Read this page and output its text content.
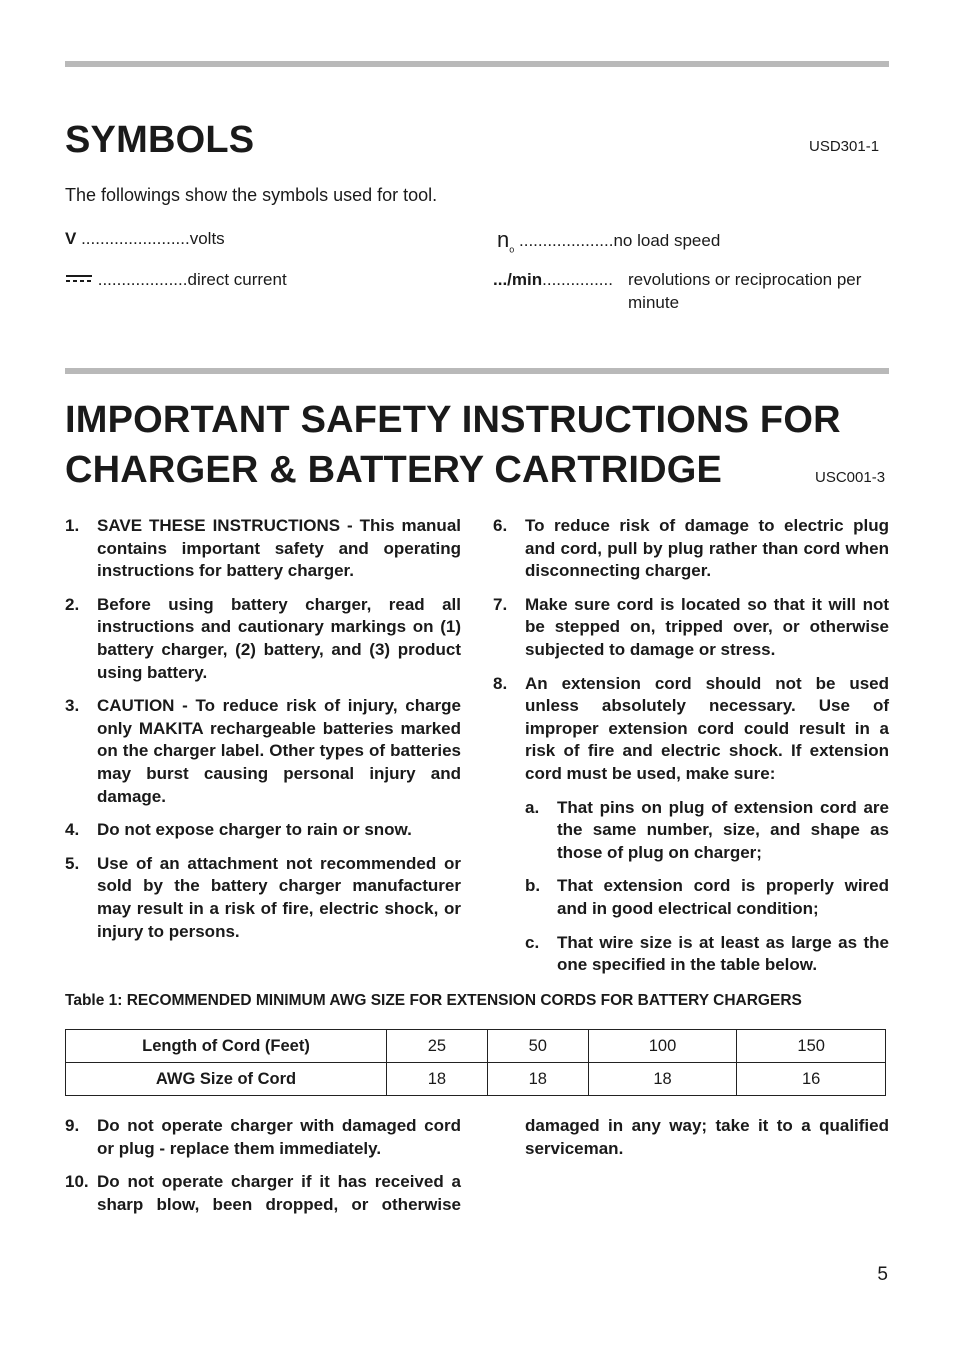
SYMBOLS	USD301-1
The followings show the symbols used for tool.
V .......................volts	$n_o$ ....................no load speed
...................direct current	.../min............... revolutions or reciprocation per minute
IMPORTANT SAFETY INSTRUCTIONS FOR
CHARGER & BATTERY CARTRIDGE	USC001-3
1. SAVE THESE INSTRUCTIONS - This manual contains important safety and operating instructions for battery charger.
2. Before using battery charger, read all instructions and cautionary markings on (1) battery charger, (2) battery, and (3) product using battery.
3. CAUTION - To reduce risk of injury, charge only MAKITA rechargeable batteries marked on the charger label. Other types of batteries may burst causing personal injury and damage.
4. Do not expose charger to rain or snow.
5. Use of an attachment not recommended or sold by the battery charger manufacturer may result in a risk of fire, electric shock, or injury to persons.
6. To reduce risk of damage to electric plug and cord, pull by plug rather than cord when disconnecting charger.
7. Make sure cord is located so that it will not be stepped on, tripped over, or otherwise subjected to damage or stress.
8. An extension cord should not be used unless absolutely necessary. Use of improper extension cord could result in a risk of fire and electric shock. If extension cord must be used, make sure:
a. That pins on plug of extension cord are the same number, size, and shape as those of plug on charger;
b. That extension cord is properly wired and in good electrical condition;
c. That wire size is at least as large as the one specified in the table below.
Table 1: RECOMMENDED MINIMUM AWG SIZE FOR EXTENSION CORDS FOR BATTERY CHARGERS
Length of Cord (Feet)	25	50	100	150
AWG Size of Cord	18	18	18	16
9. Do not operate charger with damaged cord or plug - replace them immediately.
10. Do not operate charger if it has received a sharp blow, been dropped, or otherwise
damaged in any way; take it to a qualified serviceman.
5
